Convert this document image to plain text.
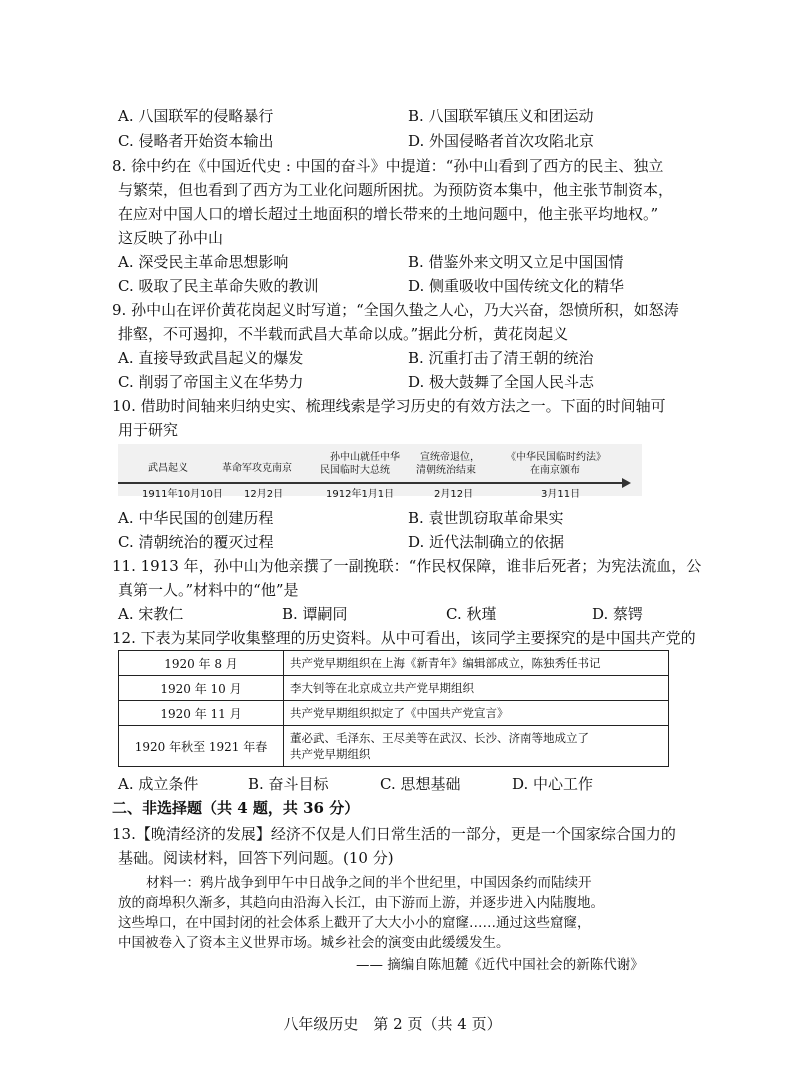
A. 八国联军的侵略暴行	B. 八国联军镇压义和团运动
C. 侵略者开始资本输出	D. 外国侵略者首次攻陷北京
8. 徐中约在《中国近代史 : 中国的奋斗》中提道：“孙中山看到了西方的民主、独立
与繁荣，但也看到了西方为工业化问题所困扰。为预防资本集中，他主张节制资本，
在应对中国人口的增长超过土地面积的增长带来的土地问题中，他主张平均地权。”
这反映了孙中山
A. 深受民主革命思想影响	B. 借鉴外来文明又立足中国国情
C. 吸取了民主革命失败的教训	D. 侧重吸收中国传统文化的精华
9. 孙中山在评价黄花岗起义时写道；“全国久蛰之人心，乃大兴奋，怨愤所积，如怒涛
排壑，不可遏抑，不半载而武昌大革命以成。”据此分析，黄花岗起义
A. 直接导致武昌起义的爆发	B. 沉重打击了清王朝的统治
C. 削弱了帝国主义在华势力	D. 极大鼓舞了全国人民斗志
10. 借助时间轴来归纳史实、梳理线索是学习历史的有效方法之一。下面的时间轴可
用于研究
武昌起义	革命军攻克南京
孙中山就任中华
民国临时大总统
宣统帝退位，
清朝统治结束
《中华民国临时约法》
在南京颁布
1911年10月10日 12月2日	1912年1月1日	2月12日	3月11日
A. 中华民国的创建历程	B. 袁世凯窃取革命果实
C. 清朝统治的覆灭过程	D. 近代法制确立的依据
11. 1913 年，孙中山为他亲撰了一副挽联：“作民权保障，谁非后死者；为宪法流血，公
真第一人。”材料中的“他”是
A. 宋教仁	B. 谭嗣同	C. 秋瑾	D. 蔡锷
12. 下表为某同学收集整理的历史资料。从中可看出，该同学主要探究的是中国共产党的
1920 年 8 月	共产党早期组织在上海《新青年》编辑部成立，陈独秀任书记
1920 年 10 月	李大钊等在北京成立共产党早期组织
1920 年 11 月	共产党早期组织拟定了《中国共产党宣言》
1920 年秋至 1921 年春	董必武、毛泽东、王尽美等在武汉、长沙、济南等地成立了
共产党早期组织
A. 成立条件	B. 奋斗目标	C. 思想基础	D. 中心工作
二、非选择题（共 4 题，共 36 分）
13.【晚清经济的发展】经济不仅是人们日常生活的一部分，更是一个国家综合国力的
基础。阅读材料，回答下列问题。(10 分)
材料一：鸦片战争到甲午中日战争之间的半个世纪里，中国因条约而陆续开
放的商埠积久渐多，其趋向由沿海入长江，由下游而上游，并逐步进入内陆腹地。
这些埠口，在中国封闭的社会体系上戳开了大大小小的窟窿……通过这些窟窿，
中国被卷入了资本主义世界市场。城乡社会的演变由此缓缓发生。
—— 摘编自陈旭麓《近代中国社会的新陈代谢》
八年级历史　第 2 页（共 4 页）
